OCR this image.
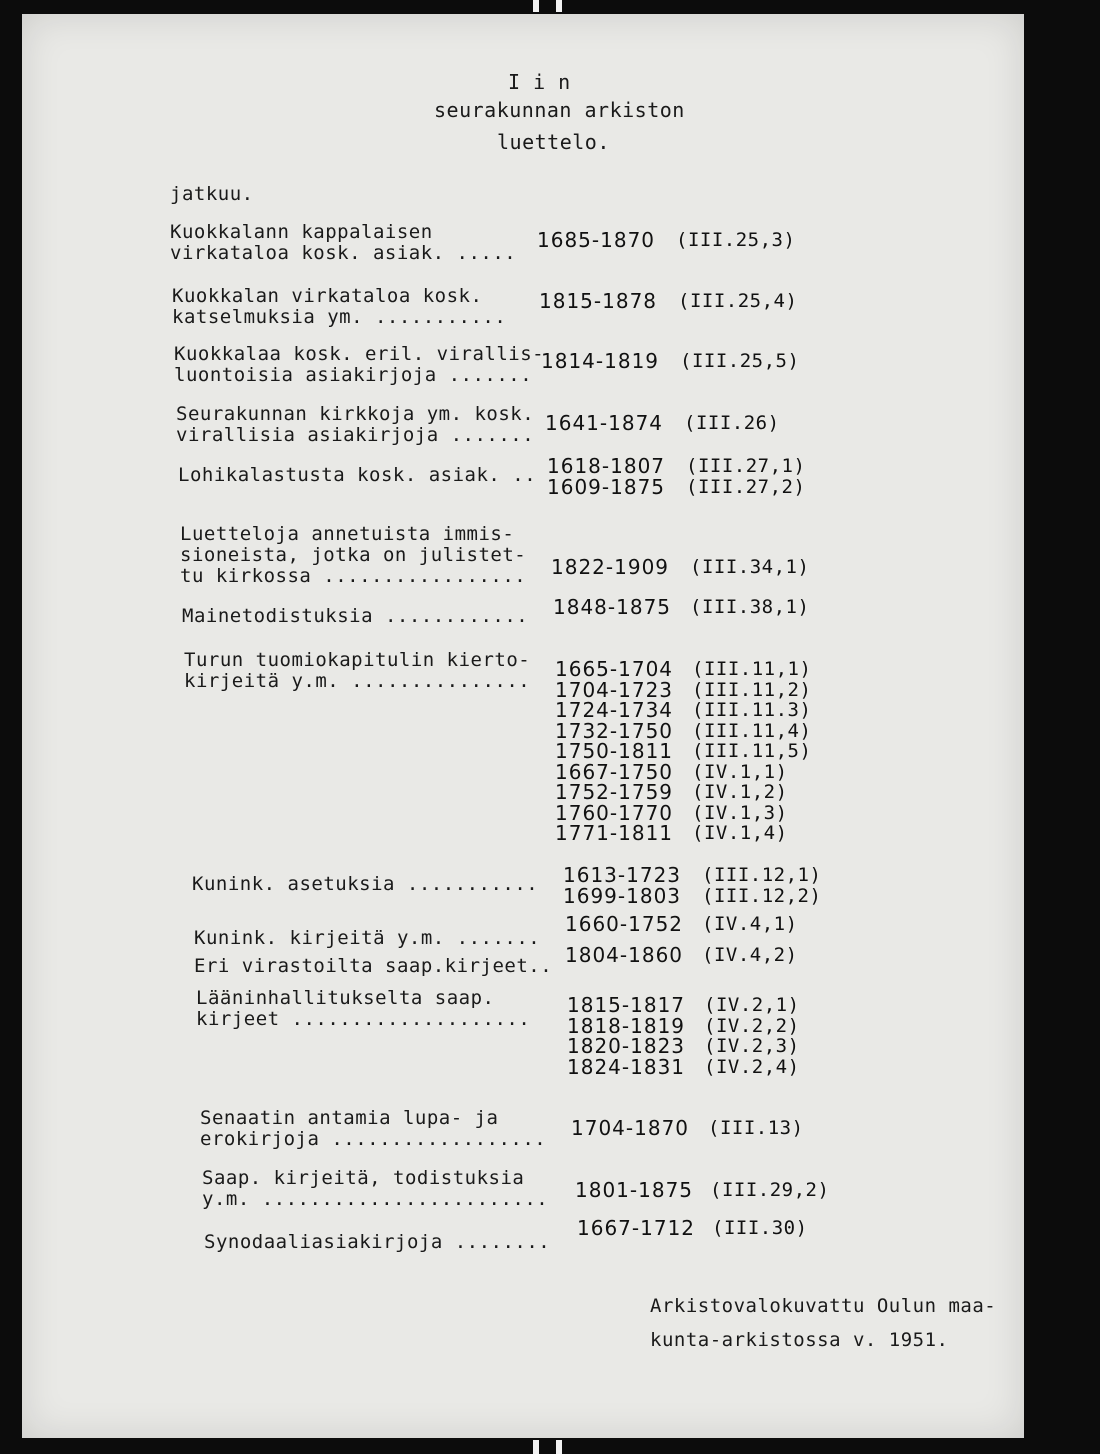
I i n
seurakunnan arkiston
luettelo.
jatkuu.
Kuokkalann kappalaisen
virkataloa kosk. asiak. .....
1685-1870 (III.25,3)
Kuokkalan virkataloa kosk.
katselmuksia ym. ...........
1815-1878 (III.25,4)
Kuokkalaa kosk. eril. virallis-
luontoisia asiakirjoja .......
1814-1819 (III.25,5)
Seurakunnan kirkkoja ym. kosk.
virallisia asiakirjoja ....... 1641-1874 (III.26)
Lohikalastusta kosk. asiak. .. 1618-1807
1609-1875
(III.27,1)
(III.27,2)
Luetteloja annetuista immis-
sioneista, jotka on julistet-
tu kirkossa ................. 1822-1909 (III.34,1)
Mainetodistuksia ............ 1848-1875 (III.38,1)
Turun tuomiokapitulin kierto-
kirjeitä y.m. ............... 1665-1704
1704-1723
1724-1734
1732-1750
1750-1811
1667-1750
1752-1759
1760-1770
1771-1811
(III.11,1)
(III.11,2)
(III.11.3)
(III.11,4)
(III.11,5)
(IV.1,1)
(IV.1,2)
(IV.1,3)
(IV.1,4)
Kunink. asetuksia ........... 1613-1723
1699-1803
(III.12,1)
(III.12,2)
Kunink. kirjeitä y.m. .......
1660-1752 (IV.4,1)
Eri virastoilta saap.kirjeet.. 1804-1860 (IV.4,2)
Lääninhallitukselta saap.
kirjeet ....................
1815-1817
1818-1819
1820-1823
1824-1831
(IV.2,1)
(IV.2,2)
(IV.2,3)
(IV.2,4)
Senaatin antamia lupa- ja
erokirjoja .................. 1704-1870 (III.13)
Saap. kirjeitä, todistuksia
y.m. ........................ 1801-1875 (III.29,2)
Synodaaliasiakirjoja ........
1667-1712 (III.30)
Arkistovalokuvattu Oulun maa-
kunta-arkistossa v. 1951.
